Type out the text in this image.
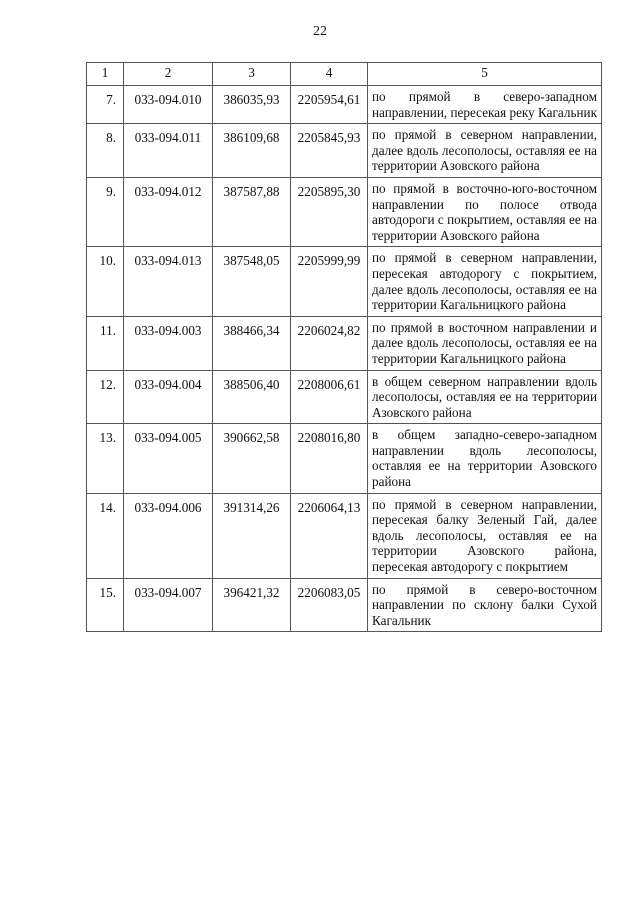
22
1	2	3	4	5
7.	033-094.010	386035,93	2205954,61	по прямой в северо-западном направлении, пересекая реку Кагальник
8.	033-094.011	386109,68	2205845,93	по прямой в северном направлении, далее вдоль лесополосы, оставляя ее на территории Азовского района
9.	033-094.012	387587,88	2205895,30	по прямой в восточно-юго-восточном направлении по полосе отвода автодороги с покрытием, оставляя ее на территории Азовского района
10.	033-094.013	387548,05	2205999,99	по прямой в северном направлении, пересекая автодорогу с покрытием, далее вдоль лесополосы, оставляя ее на территории Кагальницкого района
11.	033-094.003	388466,34	2206024,82	по прямой в восточном направлении и далее вдоль лесополосы, оставляя ее на территории Кагальницкого района
12.	033-094.004	388506,40	2208006,61	в общем северном направлении вдоль лесополосы, оставляя ее на территории Азовского района
13.	033-094.005	390662,58	2208016,80	в общем западно-северо-западном направлении вдоль лесополосы, оставляя ее на территории Азовского района
14.	033-094.006	391314,26	2206064,13	по прямой в северном направлении, пересекая балку Зеленый Гай, далее вдоль лесополосы, оставляя ее на территории Азовского района, пересекая автодорогу с покрытием
15.	033-094.007	396421,32	2206083,05	по прямой в северо-восточном направлении по склону балки Сухой Кагальник
